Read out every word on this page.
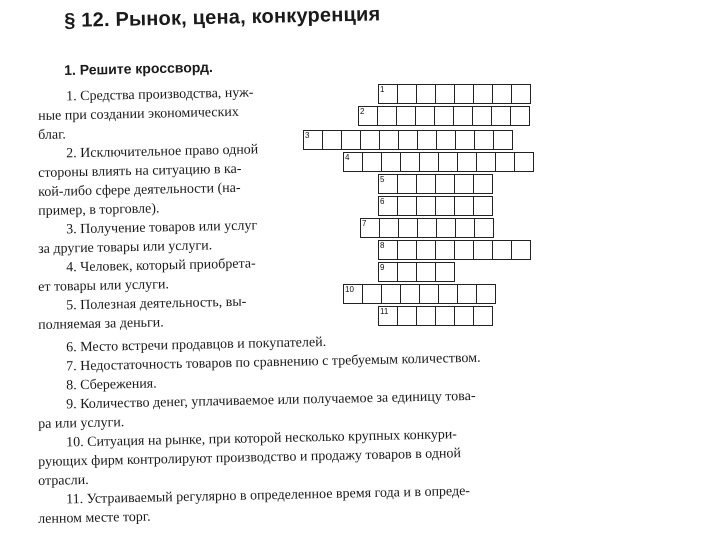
§ 12. Рынок, цена, конкуренция
1. Решите кроссворд.
1. Средства производства, нуж-
ные при создании экономических
благ.
2. Исключительное право одной
стороны влиять на ситуацию в ка-
кой-либо сфере деятельности (на-
пример, в торговле).
3. Получение товаров или услуг
за другие товары или услуги.
4. Человек, который приобрета-
ет товары или услуги.
5. Полезная деятельность, вы-
полняемая за деньги.
6. Место встречи продавцов и покупателей.
7. Недостаточность товаров по сравнению с требуемым количеством.
8. Сбережения.
9. Количество денег, уплачиваемое или получаемое за единицу това-
ра или услуги.
10. Ситуация на рынке, при которой несколько крупных конкури-
рующих фирм контролируют производство и продажу товаров в одной
отрасли.
11. Устраиваемый регулярно в определенное время года и в опреде-
ленном месте торг.
1
2
3
4
5
6
7
8
9
10
11
